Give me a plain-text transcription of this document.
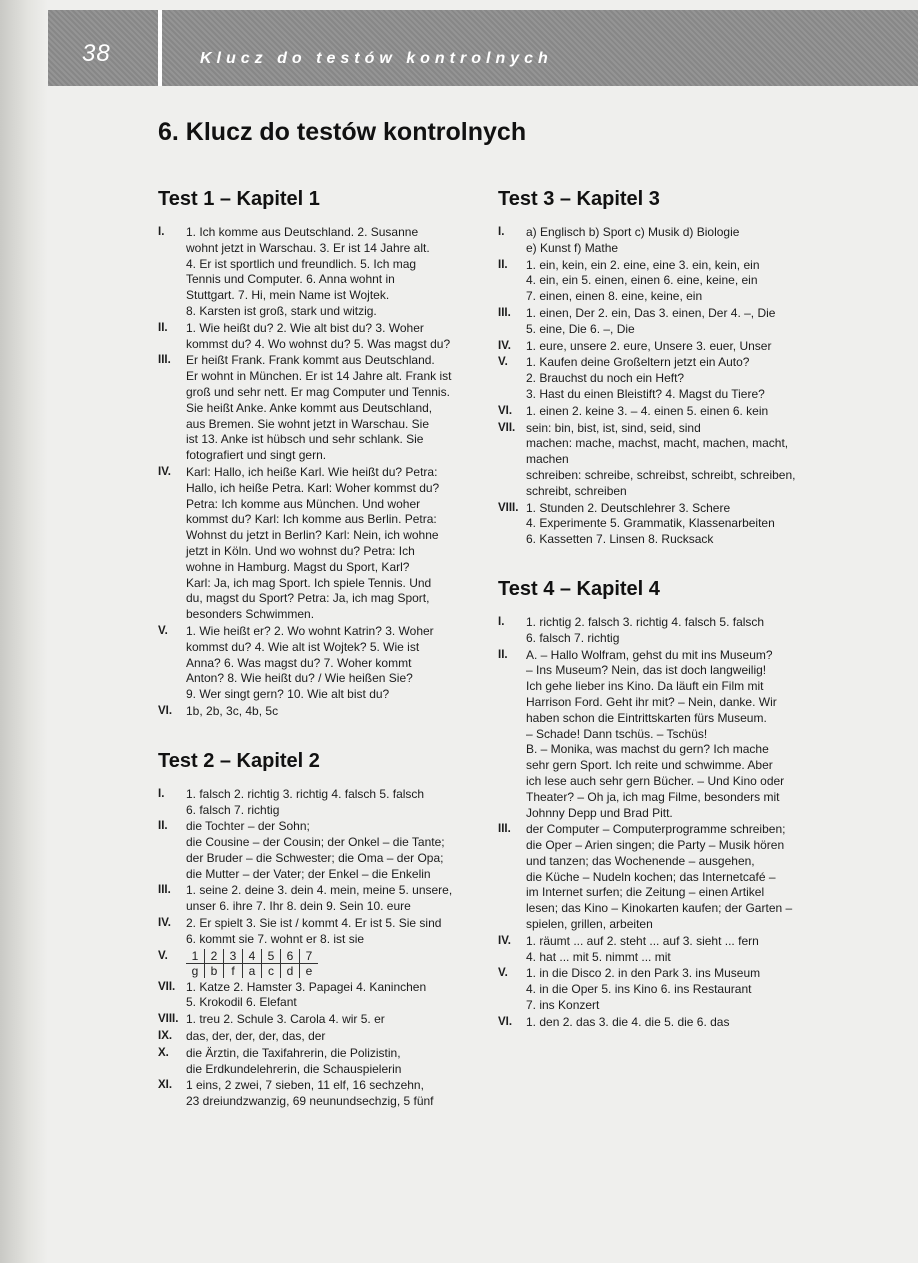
38	Klucz do testów kontrolnych
6. Klucz do testów kontrolnych
Test 1 – Kapitel 1
I. 1. Ich komme aus Deutschland. 2. Susanne
wohnt jetzt in Warschau. 3. Er ist 14 Jahre alt.
4. Er ist sportlich und freundlich. 5. Ich mag
Tennis und Computer. 6. Anna wohnt in
Stuttgart. 7. Hi, mein Name ist Wojtek.
8. Karsten ist groß, stark und witzig.
II. 1. Wie heißt du? 2. Wie alt bist du? 3. Woher
kommst du? 4. Wo wohnst du? 5. Was magst du?
III. Er heißt Frank. Frank kommt aus Deutschland.
Er wohnt in München. Er ist 14 Jahre alt. Frank ist
groß und sehr nett. Er mag Computer und Tennis.
Sie heißt Anke. Anke kommt aus Deutschland,
aus Bremen. Sie wohnt jetzt in Warschau. Sie
ist 13. Anke ist hübsch und sehr schlank. Sie
fotografiert und singt gern.
IV. Karl: Hallo, ich heiße Karl. Wie heißt du? Petra:
Hallo, ich heiße Petra. Karl: Woher kommst du?
Petra: Ich komme aus München. Und woher
kommst du? Karl: Ich komme aus Berlin. Petra:
Wohnst du jetzt in Berlin? Karl: Nein, ich wohne
jetzt in Köln. Und wo wohnst du? Petra: Ich
wohne in Hamburg. Magst du Sport, Karl?
Karl: Ja, ich mag Sport. Ich spiele Tennis. Und
du, magst du Sport? Petra: Ja, ich mag Sport,
besonders Schwimmen.
V. 1. Wie heißt er? 2. Wo wohnt Katrin? 3. Woher
kommst du? 4. Wie alt ist Wojtek? 5. Wie ist
Anna? 6. Was magst du? 7. Woher kommt
Anton? 8. Wie heißt du? / Wie heißen Sie?
9. Wer singt gern? 10. Wie alt bist du?
VI. 1b, 2b, 3c, 4b, 5c
Test 2 – Kapitel 2
I. 1. falsch 2. richtig 3. richtig 4. falsch 5. falsch
6. falsch 7. richtig
II. die Tochter – der Sohn;
die Cousine – der Cousin; der Onkel – die Tante;
der Bruder – die Schwester; die Oma – der Opa;
die Mutter – der Vater; der Enkel – die Enkelin
III. 1. seine 2. deine 3. dein 4. mein, meine 5. unsere,
unser 6. ihre 7. Ihr 8. dein 9. Sein 10. eure
IV. 2. Er spielt 3. Sie ist / kommt 4. Er ist 5. Sie sind
6. kommt sie 7. wohnt er 8. ist sie
V. 1	2	3	4	5	6	7
g	b	f	a	c	d	e
VII. 1. Katze 2. Hamster 3. Papagei 4. Kaninchen
5. Krokodil 6. Elefant
VIII. 1. treu 2. Schule 3. Carola 4. wir 5. er
IX. das, der, der, der, das, der
X. die Ärztin, die Taxifahrerin, die Polizistin,
die Erdkundelehrerin, die Schauspielerin
XI. 1 eins, 2 zwei, 7 sieben, 11 elf, 16 sechzehn,
23 dreiundzwanzig, 69 neunundsechzig, 5 fünf
Test 3 – Kapitel 3
I. a) Englisch b) Sport c) Musik d) Biologie
e) Kunst f) Mathe
II. 1. ein, kein, ein 2. eine, eine 3. ein, kein, ein
4. ein, ein 5. einen, einen 6. eine, keine, ein
7. einen, einen 8. eine, keine, ein
III. 1. einen, Der 2. ein, Das 3. einen, Der 4. –, Die
5. eine, Die 6. –, Die
IV. 1. eure, unsere 2. eure, Unsere 3. euer, Unser
V. 1. Kaufen deine Großeltern jetzt ein Auto?
2. Brauchst du noch ein Heft?
3. Hast du einen Bleistift? 4. Magst du Tiere?
VI. 1. einen 2. keine 3. – 4. einen 5. einen 6. kein
VII. sein: bin, bist, ist, sind, seid, sind
machen: mache, machst, macht, machen, macht,
machen
schreiben: schreibe, schreibst, schreibt, schreiben,
schreibt, schreiben
VIII. 1. Stunden 2. Deutschlehrer 3. Schere
4. Experimente 5. Grammatik, Klassenarbeiten
6. Kassetten 7. Linsen 8. Rucksack
Test 4 – Kapitel 4
I. 1. richtig 2. falsch 3. richtig 4. falsch 5. falsch
6. falsch 7. richtig
II. A. – Hallo Wolfram, gehst du mit ins Museum?
– Ins Museum? Nein, das ist doch langweilig!
Ich gehe lieber ins Kino. Da läuft ein Film mit
Harrison Ford. Geht ihr mit? – Nein, danke. Wir
haben schon die Eintrittskarten fürs Museum.
– Schade! Dann tschüs. – Tschüs!
B. – Monika, was machst du gern? Ich mache
sehr gern Sport. Ich reite und schwimme. Aber
ich lese auch sehr gern Bücher. – Und Kino oder
Theater? – Oh ja, ich mag Filme, besonders mit
Johnny Depp und Brad Pitt.
III. der Computer – Computerprogramme schreiben;
die Oper – Arien singen; die Party – Musik hören
und tanzen; das Wochenende – ausgehen,
die Küche – Nudeln kochen; das Internetcafé –
im Internet surfen; die Zeitung – einen Artikel
lesen; das Kino – Kinokarten kaufen; der Garten –
spielen, grillen, arbeiten
IV. 1. räumt ... auf 2. steht ... auf 3. sieht ... fern
4. hat ... mit 5. nimmt ... mit
V. 1. in die Disco 2. in den Park 3. ins Museum
4. in die Oper 5. ins Kino 6. ins Restaurant
7. ins Konzert
VI. 1. den 2. das 3. die 4. die 5. die 6. das
